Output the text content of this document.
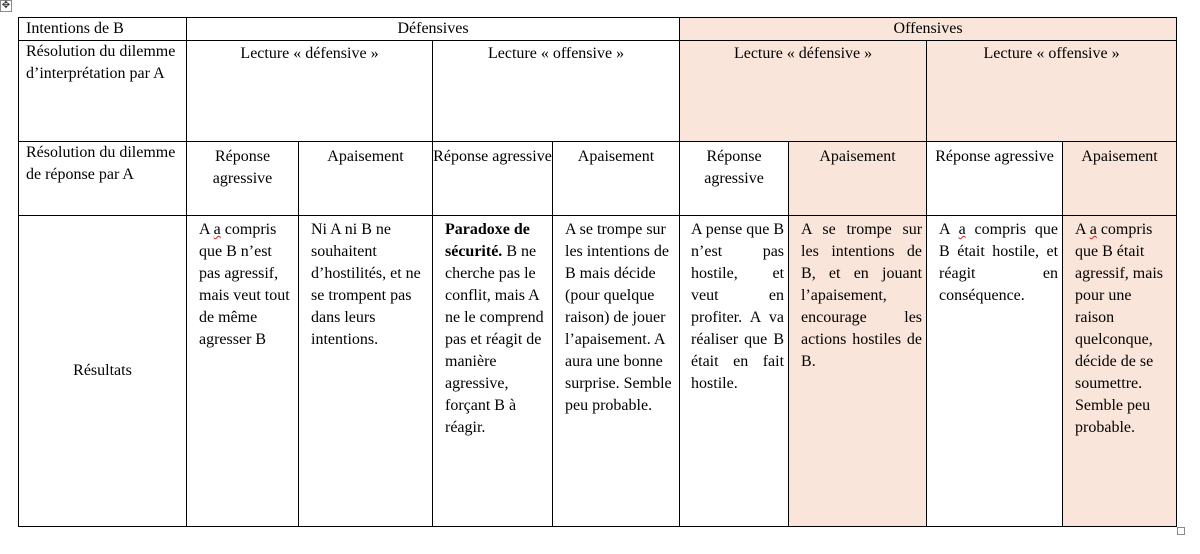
✥
Intentions de B	Défensives				Offensives			
Résolution du dilemme d’interprétation par A	Lecture « défensive »		Lecture « offensive »		Lecture « défensive »		Lecture « offensive »	
Résolution du dilemme de réponse par A	Réponse agressive	Apaisement	Réponse agressive	Apaisement	Réponse agressive	Apaisement	Réponse agressive	Apaisement
Résultats	A a compris que B n’est pas agressif, mais veut tout de même agresser B	Ni A ni B ne souhaitent d’hostilités, et ne se trompent pas dans leurs intentions.	Paradoxe de sécurité. B ne cherche pas le conflit, mais A ne le comprend pas et réagit de manière agressive, forçant B à réagir.	A se trompe sur les intentions de B mais décide (pour quelque raison) de jouer l’apaisement. A aura une bonne surprise. Semble peu probable.	A pense que B n’est pas hostile, et veut en profiter. A va réaliser que B était en fait hostile.	A se trompe sur les intentions de B, et en jouant l’apaisement, encourage les actions hostiles de B.	A a compris que B était hostile, et réagit en conséquence.	A a compris que B était agressif, mais pour une raison quelconque, décide de se soumettre. Semble peu probable.
